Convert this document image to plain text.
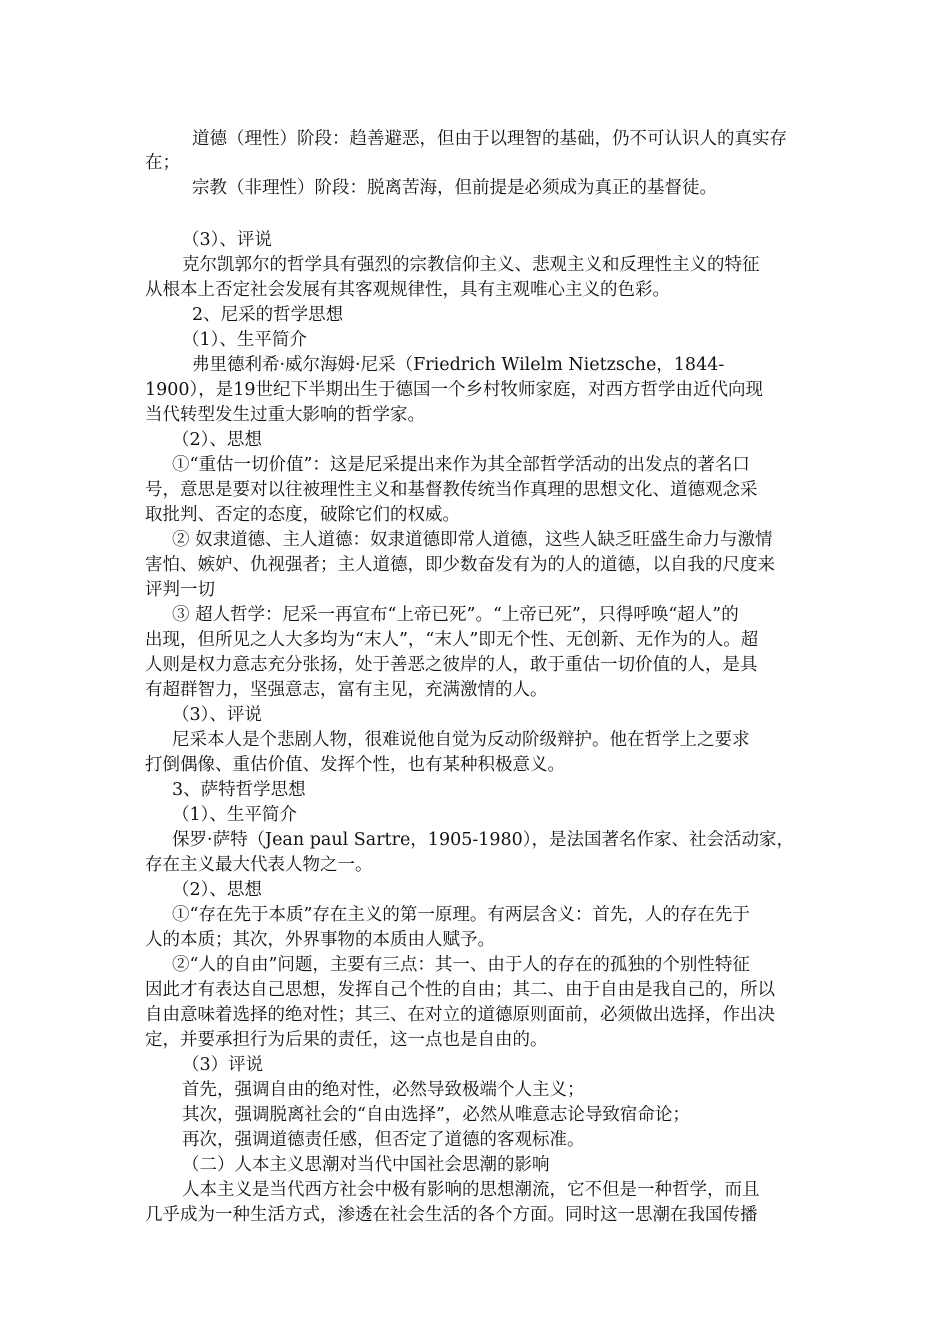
道德（理性）阶段：趋善避恶，但由于以理智的基础，仍不可认识人的真实存
在；
宗教（非理性）阶段：脱离苦海，但前提是必须成为真正的基督徒。
（3）、评说
克尔凯郭尔的哲学具有强烈的宗教信仰主义、悲观主义和反理性主义的特征
从根本上否定社会发展有其客观规律性，具有主观唯心主义的色彩。
2、尼采的哲学思想
（1）、生平简介
弗里德利希·威尔海姆·尼采（Friedrich Wilelm Nietzsche，1844-
1900），是19世纪下半期出生于德国一个乡村牧师家庭，对西方哲学由近代向现
当代转型发生过重大影响的哲学家。
（2）、思想
①“重估一切价值”：这是尼采提出来作为其全部哲学活动的出发点的著名口
号，意思是要对以往被理性主义和基督教传统当作真理的思想文化、道德观念采
取批判、否定的态度，破除它们的权威。
② 奴隶道德、主人道德：奴隶道德即常人道德，这些人缺乏旺盛生命力与激情
害怕、嫉妒、仇视强者；主人道德，即少数奋发有为的人的道德，以自我的尺度来
评判一切
③ 超人哲学：尼采一再宣布“上帝已死”。“上帝已死”，只得呼唤“超人”的
出现，但所见之人大多均为“末人”，“末人”即无个性、无创新、无作为的人。超
人则是权力意志充分张扬，处于善恶之彼岸的人，敢于重估一切价值的人，是具
有超群智力，坚强意志，富有主见，充满激情的人。
（3）、评说
尼采本人是个悲剧人物，很难说他自觉为反动阶级辩护。他在哲学上之要求
打倒偶像、重估价值、发挥个性，也有某种积极意义。
3、萨特哲学思想
（1）、生平简介
保罗·萨特（Jean paul Sartre，1905-1980），是法国著名作家、社会活动家，
存在主义最大代表人物之一。
（2）、思想
①“存在先于本质”存在主义的第一原理。有两层含义：首先，人的存在先于
人的本质；其次，外界事物的本质由人赋予。
②“人的自由”问题，主要有三点：其一、由于人的存在的孤独的个别性特征
因此才有表达自己思想，发挥自己个性的自由；其二、由于自由是我自己的，所以
自由意味着选择的绝对性；其三、在对立的道德原则面前，必须做出选择，作出决
定，并要承担行为后果的责任，这一点也是自由的。
（3）评说
首先，强调自由的绝对性，必然导致极端个人主义；
其次，强调脱离社会的“自由选择”，必然从唯意志论导致宿命论；
再次，强调道德责任感，但否定了道德的客观标准。
（二）人本主义思潮对当代中国社会思潮的影响
人本主义是当代西方社会中极有影响的思想潮流，它不但是一种哲学，而且
几乎成为一种生活方式，渗透在社会生活的各个方面。同时这一思潮在我国传播
